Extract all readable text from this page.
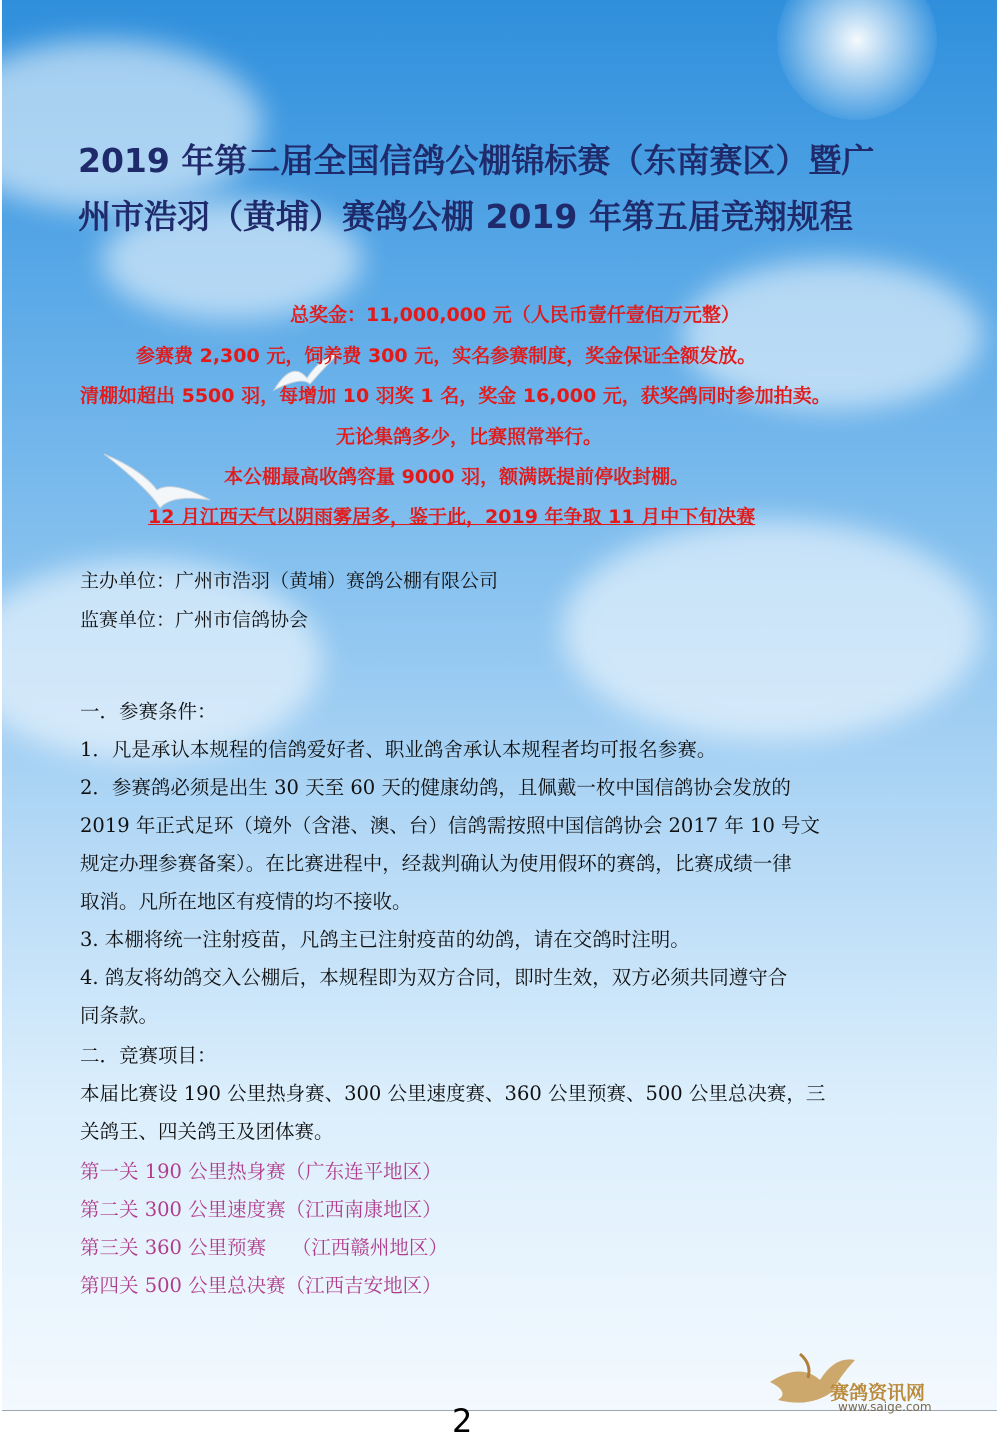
2019 年第二届全国信鸽公棚锦标赛（东南赛区）暨广
州市浩羽（黄埔）赛鸽公棚 2019 年第五届竞翔规程
总奖金：11,000,000 元（人民币壹仟壹佰万元整）
参赛费 2,300 元，饲养费 300 元，实名参赛制度，奖金保证全额发放。
清棚如超出 5500 羽，每增加 10 羽奖 1 名，奖金 16,000 元，获奖鸽同时参加拍卖。
无论集鸽多少，比赛照常举行。
本公棚最高收鸽容量 9000 羽，额满既提前停收封棚。
12 月江西天气以阴雨雾居多，鉴于此，2019 年争取 11 月中下旬决赛
主办单位：广州市浩羽（黄埔）赛鸽公棚有限公司
监赛单位：广州市信鸽协会
一．参赛条件：
1．凡是承认本规程的信鸽爱好者、职业鸽舍承认本规程者均可报名参赛。
2．参赛鸽必须是出生 30 天至 60 天的健康幼鸽，且佩戴一枚中国信鸽协会发放的
2019 年正式足环（境外（含港、澳、台）信鸽需按照中国信鸽协会 2017 年 10 号文
规定办理参赛备案）。在比赛进程中，经裁判确认为使用假环的赛鸽，比赛成绩一律
取消。凡所在地区有疫情的均不接收。
3. 本棚将统一注射疫苗，凡鸽主已注射疫苗的幼鸽，请在交鸽时注明。
4. 鸽友将幼鸽交入公棚后，本规程即为双方合同，即时生效，双方必须共同遵守合
同条款。
二．竞赛项目：
本届比赛设 190 公里热身赛、300 公里速度赛、360 公里预赛、500 公里总决赛，三
关鸽王、四关鸽王及团体赛。
第一关 190 公里热身赛（广东连平地区）
第二关 300 公里速度赛（江西南康地区）
第三关 360 公里预赛　 （江西赣州地区）
第四关 500 公里总决赛（江西吉安地区）
赛鸽资讯网
www.saige.com
2
